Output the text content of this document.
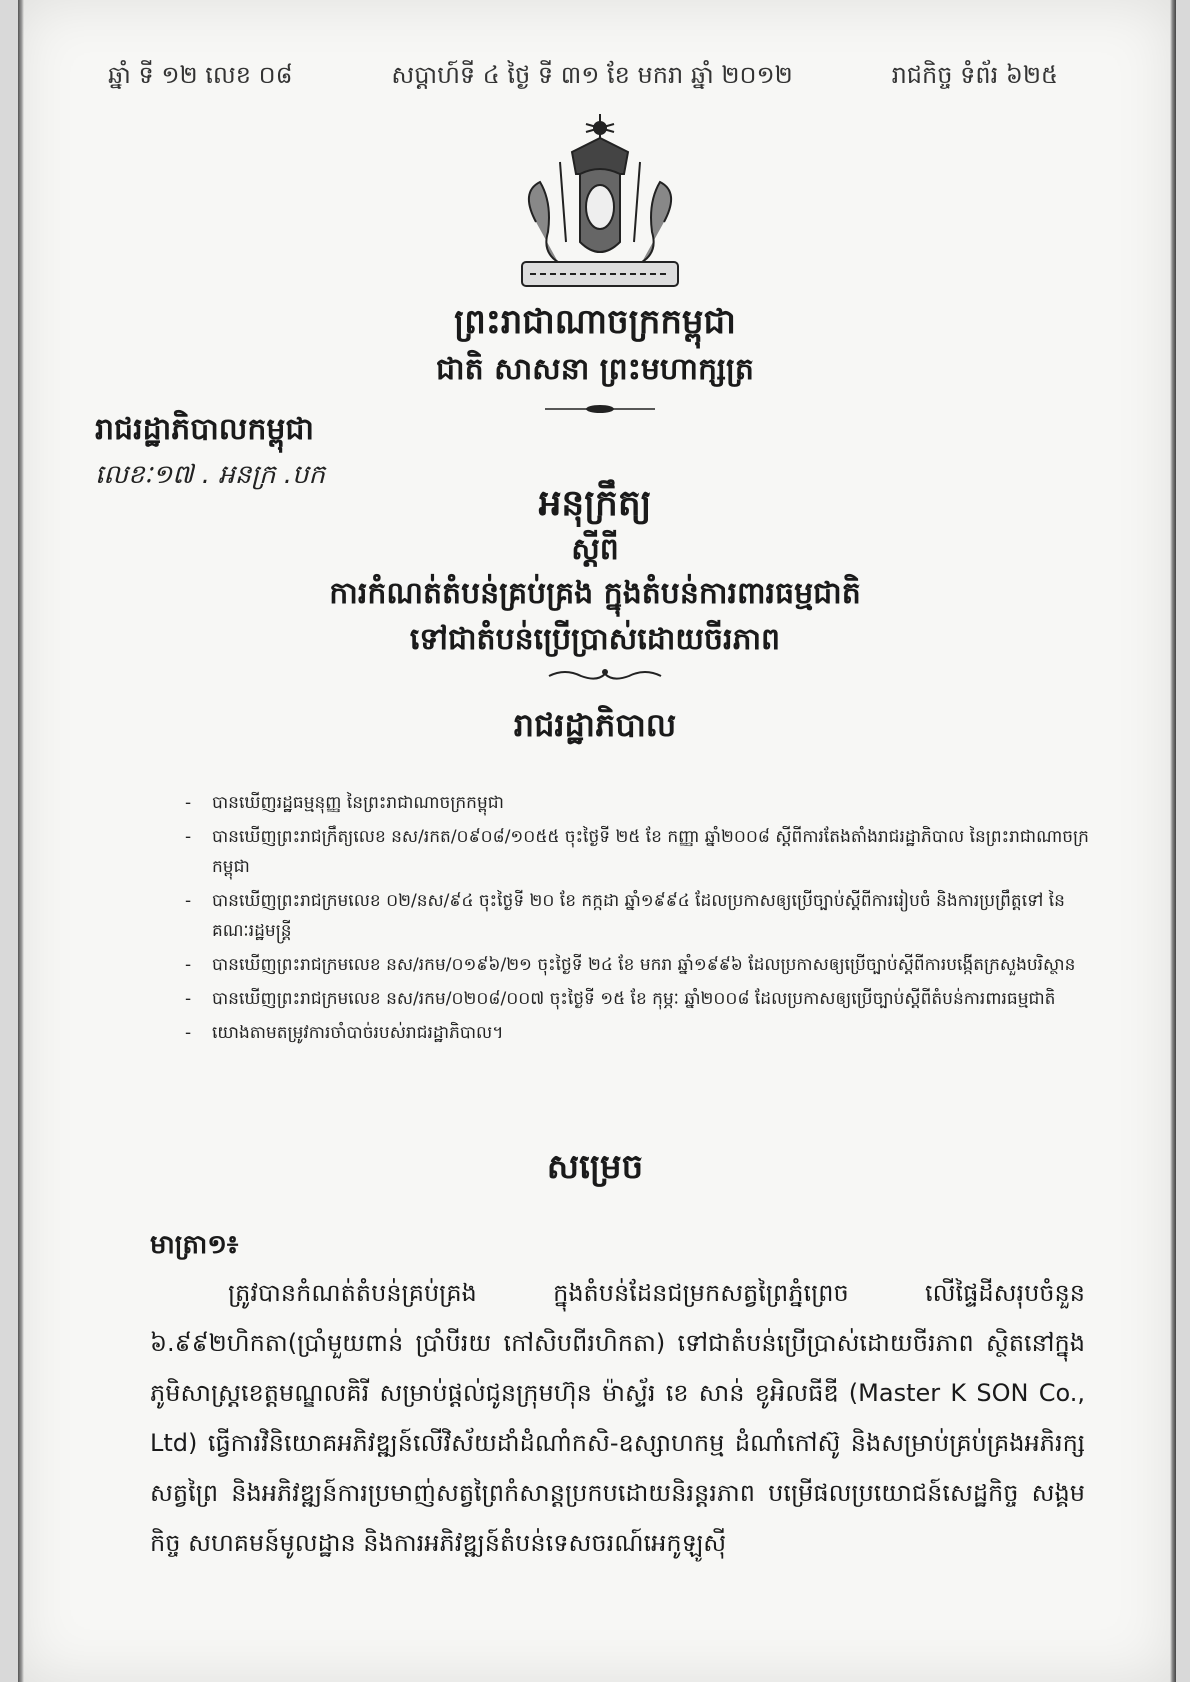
ឆ្នាំ ទី ១២ លេខ ០៨	សប្តាហ៍ទី ៤ ថ្ងៃ ទី ៣១ ខែ មករា ឆ្នាំ ២០១២	រាជកិច្ច ទំព័រ ៦២៥
ព្រះរាជាណាចក្រកម្ពុជា
ជាតិ សាសនា ព្រះមហាក្សត្រ
រាជរដ្ឋាភិបាលកម្ពុជា
លេខៈ១៧ . អនក្រ .បក
អនុក្រឹត្យ
ស្ដីពី
ការកំណត់តំបន់គ្រប់គ្រង ក្នុងតំបន់ការពារធម្មជាតិ
ទៅជាតំបន់ប្រើប្រាស់ដោយចីរភាព
រាជរដ្ឋាភិបាល
- បានឃើញរដ្ឋធម្មនុញ្ញ នៃព្រះរាជាណាចក្រកម្ពុជា
- បានឃើញព្រះរាជក្រឹត្យលេខ នស/រកត/០៩០៨/១០៥៥ ចុះថ្ងៃទី ២៥ ខែ កញ្ញា ឆ្នាំ២០០៨ ស្ដីពីការតែងតាំងរាជរដ្ឋាភិបាល នៃព្រះរាជាណាចក្រកម្ពុជា
- បានឃើញព្រះរាជក្រមលេខ ០២/នស/៩៤ ចុះថ្ងៃទី ២០ ខែ កក្កដា ឆ្នាំ១៩៩៤ ដែលប្រកាសឲ្យប្រើច្បាប់ស្ដីពីការរៀបចំ និងការប្រព្រឹត្តទៅ នៃគណៈរដ្ឋមន្ត្រី
- បានឃើញព្រះរាជក្រមលេខ នស/រកម/០១៩៦/២១ ចុះថ្ងៃទី ២៤ ខែ មករា ឆ្នាំ១៩៩៦ ដែលប្រកាសឲ្យប្រើច្បាប់ស្ដីពីការបង្កើតក្រសួងបរិស្ថាន
- បានឃើញព្រះរាជក្រមលេខ នស/រកម/០២០៨/០០៧ ចុះថ្ងៃទី ១៥ ខែ កុម្ភៈ ឆ្នាំ២០០៨ ដែលប្រកាសឲ្យប្រើច្បាប់ស្ដីពីតំបន់ការពារធម្មជាតិ
- យោងតាមតម្រូវការចាំបាច់របស់រាជរដ្ឋាភិបាល។
សម្រេច
មាត្រា១៖

ត្រូវបានកំណត់តំបន់គ្រប់គ្រង ក្នុងតំបន់ដែនជម្រកសត្វព្រៃភ្នំព្រេច លើផ្ទៃដីសរុបចំនួន ៦.៩៩២ហិកតា(ប្រាំមួយពាន់ ប្រាំបីរយ កៅសិបពីរហិកតា) ទៅជាតំបន់ប្រើប្រាស់ដោយចីរភាព ស្ថិតនៅក្នុងភូមិសាស្ត្រខេត្តមណ្ឌលគិរី សម្រាប់ផ្ដល់ជូនក្រុមហ៊ុន ម៉ាស្ទ័រ ខេ សាន់ ខូអិលធីឌី (Master K SON Co., Ltd) ធ្វើការវិនិយោគអភិវឌ្ឍន៍លើវិស័យដាំដំណាំកសិ-ឧស្សាហកម្ម ដំណាំកៅស៊ូ និងសម្រាប់គ្រប់គ្រងអភិរក្សសត្វព្រៃ និងអភិវឌ្ឍន៍ការប្រមាញ់សត្វព្រៃកំសាន្តប្រកបដោយនិរន្តរភាព បម្រើផលប្រយោជន៍សេដ្ឋកិច្ច សង្គមកិច្ច សហគមន៍មូលដ្ឋាន និងការអភិវឌ្ឍន៍តំបន់ទេសចរណ៍អេកូឡូស៊ី
